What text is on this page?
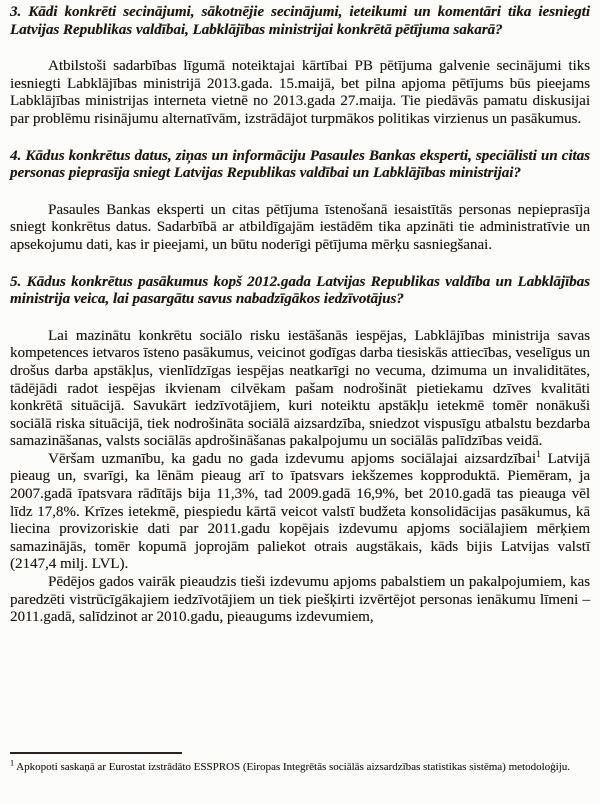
3. Kādi konkrēti secinājumi, sākotnējie secinājumi, ieteikumi un komentāri tika iesniegti Latvijas Republikas valdībai, Labklājības ministrijai konkrētā pētījuma sakarā?

Atbilstoši sadarbības līgumā noteiktajai kārtībai PB pētījuma galvenie secinājumi tiks iesniegti Labklājības ministrijā 2013.gada. 15.maijā, bet pilna apjoma pētījums būs pieejams Labklājības ministrijas interneta vietnē no 2013.gada 27.maija. Tie piedāvās pamatu diskusijai par problēmu risinājumu alternatīvām, izstrādājot turpmākos politikas virzienus un pasākumus.

4. Kādus konkrētus datus, ziņas un informāciju Pasaules Bankas eksperti, speciālisti un citas personas pieprasīja sniegt Latvijas Republikas valdībai un Labklājības ministrijai?

Pasaules Bankas eksperti un citas pētījuma īstenošanā iesaistītās personas nepieprasīja sniegt konkrētus datus. Sadarbībā ar atbildīgajām iestādēm tika apzināti tie administratīvie un apsekojumu dati, kas ir pieejami, un būtu noderīgi pētījuma mērķu sasniegšanai.

5. Kādus konkrētus pasākumus kopš 2012.gada Latvijas Republikas valdība un Labklājības ministrija veica, lai pasargātu savus nabadzīgākos iedzīvotājus?

Lai mazinātu konkrētu sociālo risku iestāšanās iespējas, Labklājības ministrija savas kompetences ietvaros īsteno pasākumus, veicinot godīgas darba tiesiskās attiecības, veselīgus un drošus darba apstākļus, vienlīdzīgas iespējas neatkarīgi no vecuma, dzimuma un invaliditātes, tādējādi radot iespējas ikvienam cilvēkam pašam nodrošināt pietiekamu dzīves kvalitāti konkrētā situācijā. Savukārt iedzīvotājiem, kuri noteiktu apstākļu ietekmē tomēr nonākuši sociālā riska situācijā, tiek nodrošināta sociālā aizsardzība, sniedzot vispusīgu atbalstu bezdarba samazināšanas, valsts sociālās apdrošināšanas pakalpojumu un sociālās palīdzības veidā.

Vēršam uzmanību, ka gadu no gada izdevumu apjoms sociālajai aizsardzībai$^1$ Latvijā pieaug un, svarīgi, ka lēnām pieaug arī to īpatsvars iekšzemes kopproduktā. Piemēram, ja 2007.gadā īpatsvara rādītājs bija 11,3%, tad 2009.gadā 16,9%, bet 2010.gadā tas pieauga vēl līdz 17,8%. Krīzes ietekmē, piespiedu kārtā veicot valstī budžeta konsolidācijas pasākumus, kā liecina provizoriskie dati par 2011.gadu kopējais izdevumu apjoms sociālajiem mērķiem samazinājās, tomēr kopumā joprojām paliekot otrais augstākais, kāds bijis Latvijas valstī (2147,4 milj. LVL).

Pēdējos gados vairāk pieaudzis tieši izdevumu apjoms pabalstiem un pakalpojumiem, kas paredzēti vistrūcīgākajiem iedzīvotājiem un tiek piešķirti izvērtējot personas ienākumu līmeni – 2011.gadā, salīdzinot ar 2010.gadu, pieaugums izdevumiem,

$^1$ Apkopoti saskaņā ar Eurostat izstrādāto ESSPROS (Eiropas Integrētās sociālās aizsardzības statistikas sistēma) metodoloģiju.
